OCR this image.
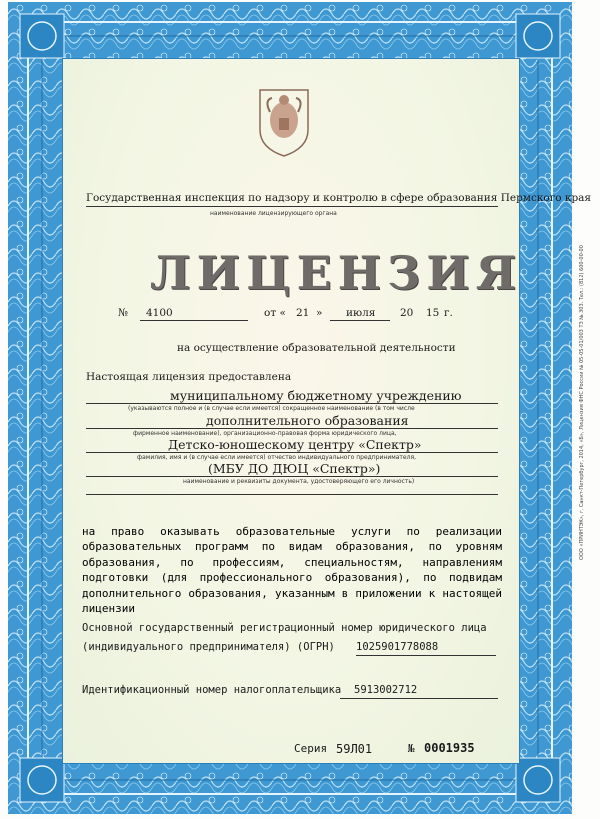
Государственная инспекция по надзору и контролю в сфере образования Пермского края
наименование лицензирующего органа
ЛИЦЕНЗИЯ
№ 4100	от « 21 » июля 20 15 г.
на осуществление образовательной деятельности
Настоящая лицензия предоставлена
муниципальному бюджетному учреждению
(указываются полное и (в случае если имеется) сокращенное наименование (в том числе
дополнительного образования
фирменное наименование), организационно-правовая форма юридического лица,
Детско-юношескому центру «Спектр»
фамилия, имя и (в случае если имеется) отчество индивидуального предпринимателя,
(МБУ ДО ДЮЦ «Спектр»)
наименование и реквизиты документа, удостоверяющего его личность)
на право оказывать образовательные услуги по реализации образовательных программ по видам образования, по уровням образования, по профессиям, специальностям, направлениям подготовки (для профессионального образования), по подвидам дополнительного образования, указанным в приложении к настоящей лицензии
Основной государственный регистрационный номер юридического лица
(индивидуального предпринимателя) (ОГРН) 1025901778088
Идентификационный номер налогоплательщика 5913002712
Серия 59Л01	№ 0001935
ООО «ПРИНТЭК», г. Санкт-Петербург, 2014, «Б», Лицензия ФНС России № 05-05-01/003 ТЗ № 303. Тел.: (812) 600-00-00
